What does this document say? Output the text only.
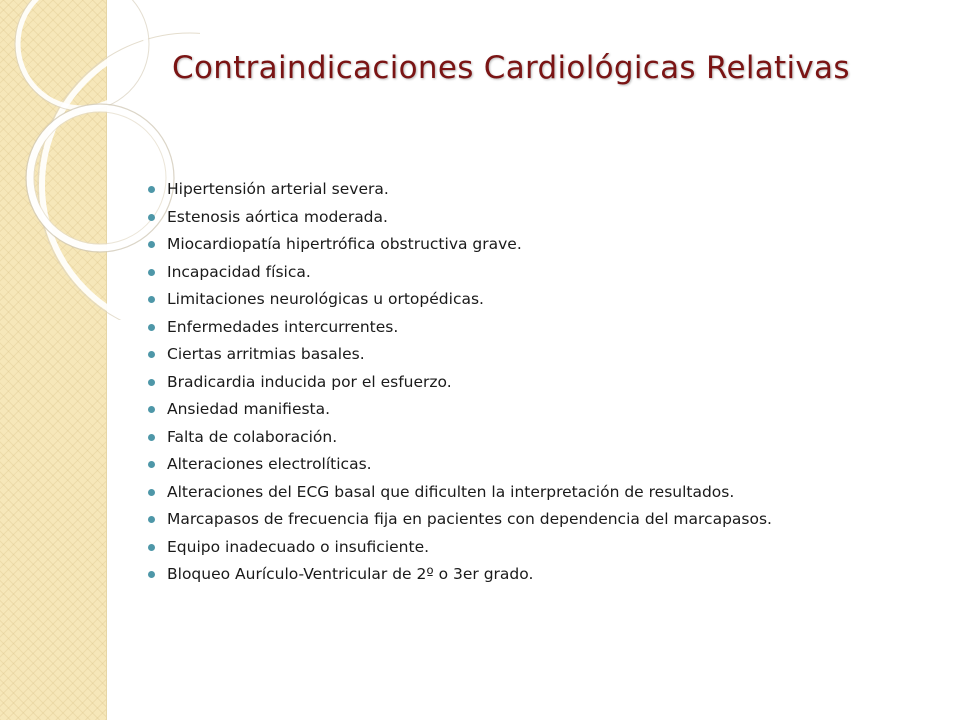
Contraindicaciones Cardiológicas Relativas
Hipertensión arterial severa.
Estenosis aórtica moderada.
Miocardiopatía hipertrófica obstructiva grave.
Incapacidad física.
Limitaciones neurológicas u ortopédicas.
Enfermedades intercurrentes.
Ciertas arritmias basales.
Bradicardia inducida por el esfuerzo.
Ansiedad manifiesta.
Falta de colaboración.
Alteraciones electrolíticas.
Alteraciones del ECG basal que dificulten la interpretación de resultados.
Marcapasos de frecuencia fija en pacientes con dependencia del marcapasos.
Equipo inadecuado o insuficiente.
Bloqueo Aurículo-Ventricular de 2º o 3er grado.
